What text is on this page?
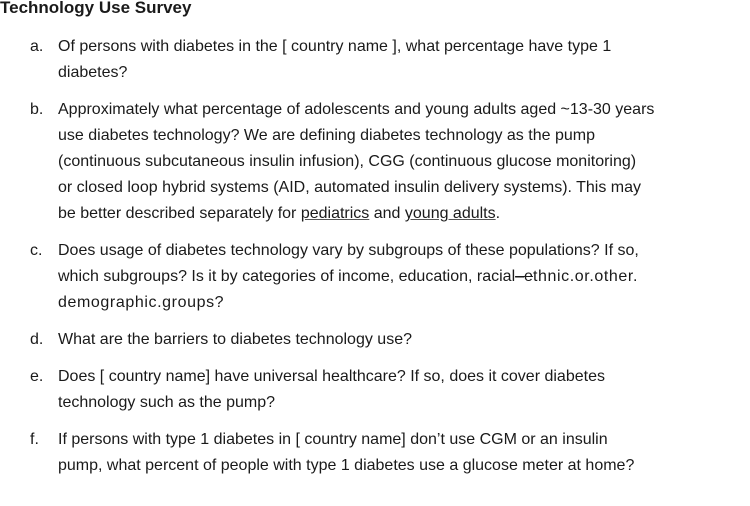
Technology Use Survey
a. Of persons with diabetes in the [ country name ], what percentage have type 1
diabetes?
b. Approximately what percentage of adolescents and young adults aged ~13-30 years
use diabetes technology? We are defining diabetes technology as the pump
(continuous subcutaneous insulin infusion), CGG (continuous glucose monitoring)
or closed loop hybrid systems (AID, automated insulin delivery systems). This may
be better described separately for pediatrics and young adults.
c. Does usage of diabetes technology vary by subgroups of these populations? If so,
which subgroups? Is it by categories of income, education, racial–ethnic.or.other.
demographic.groups?
d. What are the barriers to diabetes technology use?
e. Does [ country name] have universal healthcare? If so, does it cover diabetes
technology such as the pump?
f. If persons with type 1 diabetes in [ country name] don’t use CGM or an insulin
pump, what percent of people with type 1 diabetes use a glucose meter at home?
